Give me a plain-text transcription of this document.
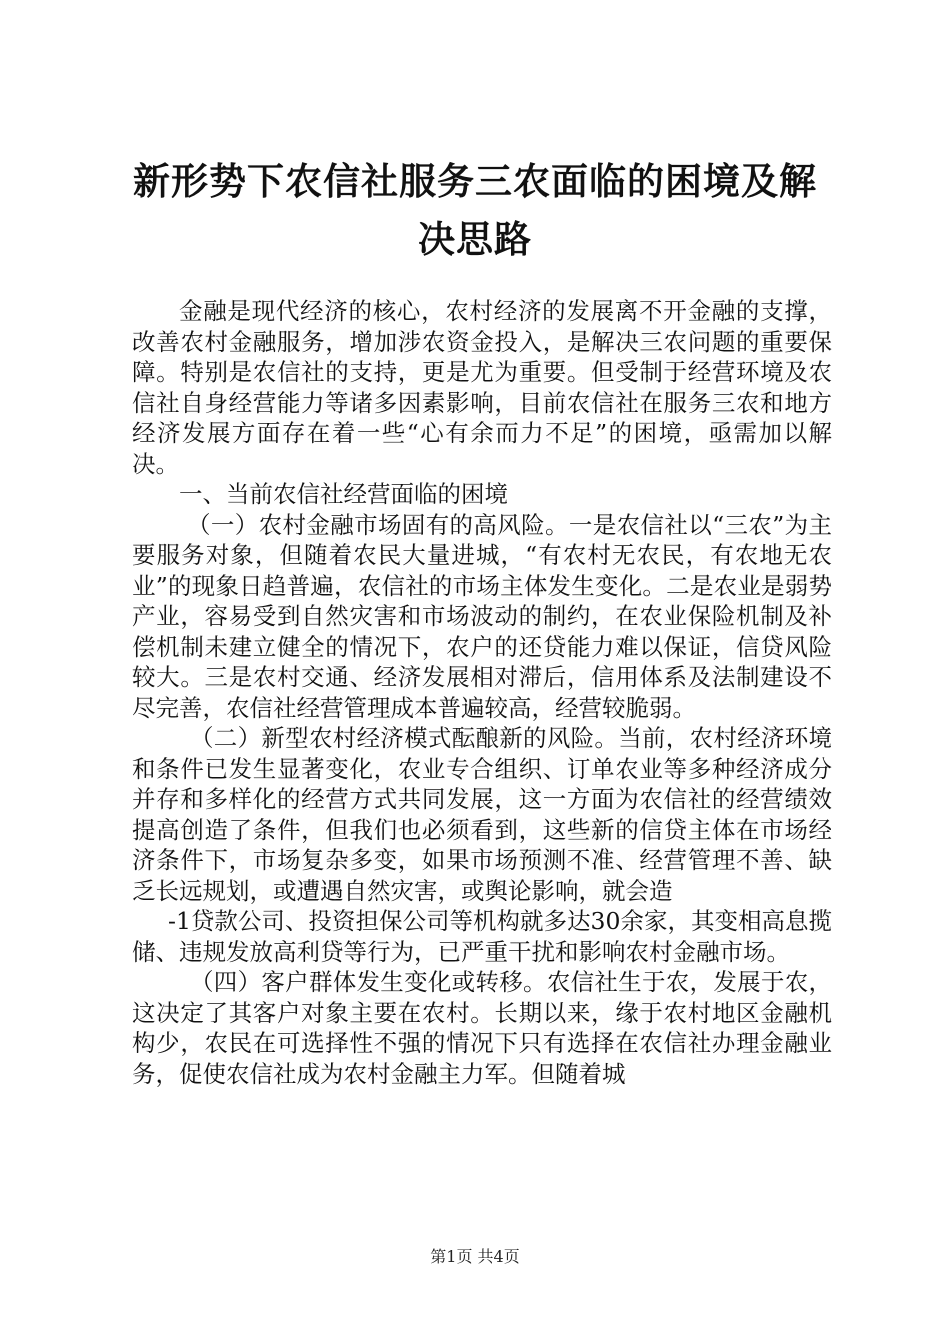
新形势下农信社服务三农面临的困境及解决思路

金融是现代经济的核心，农村经济的发展离不开金融的支撑，改善农村金融服务，增加涉农资金投入，是解决三农问题的重要保障。特别是农信社的支持，更是尤为重要。但受制于经营环境及农信社自身经营能力等诸多因素影响，目前农信社在服务三农和地方经济发展方面存在着一些“心有余而力不足”的困境，亟需加以解决。

一、当前农信社经营面临的困境

（一）农村金融市场固有的高风险。一是农信社以“三农”为主要服务对象，但随着农民大量进城，“有农村无农民，有农地无农业”的现象日趋普遍，农信社的市场主体发生变化。二是农业是弱势产业，容易受到自然灾害和市场波动的制约，在农业保险机制及补偿机制未建立健全的情况下，农户的还贷能力难以保证，信贷风险较大。三是农村交通、经济发展相对滞后，信用体系及法制建设不尽完善，农信社经营管理成本普遍较高，经营较脆弱。

（二）新型农村经济模式酝酿新的风险。当前，农村经济环境和条件已发生显著变化，农业专合组织、订单农业等多种经济成分并存和多样化的经营方式共同发展，这一方面为农信社的经营绩效提高创造了条件，但我们也必须看到，这些新的信贷主体在市场经济条件下，市场复杂多变，如果市场预测不准、经营管理不善、缺乏长远规划，或遭遇自然灾害，或舆论影响，就会造

-1贷款公司、投资担保公司等机构就多达30余家，其变相高息揽储、违规发放高利贷等行为，已严重干扰和影响农村金融市场。

（四）客户群体发生变化或转移。农信社生于农，发展于农，这决定了其客户对象主要在农村。长期以来，缘于农村地区金融机构少，农民在可选择性不强的情况下只有选择在农信社办理金融业务，促使农信社成为农村金融主力军。但随着城

第1页 共4页
